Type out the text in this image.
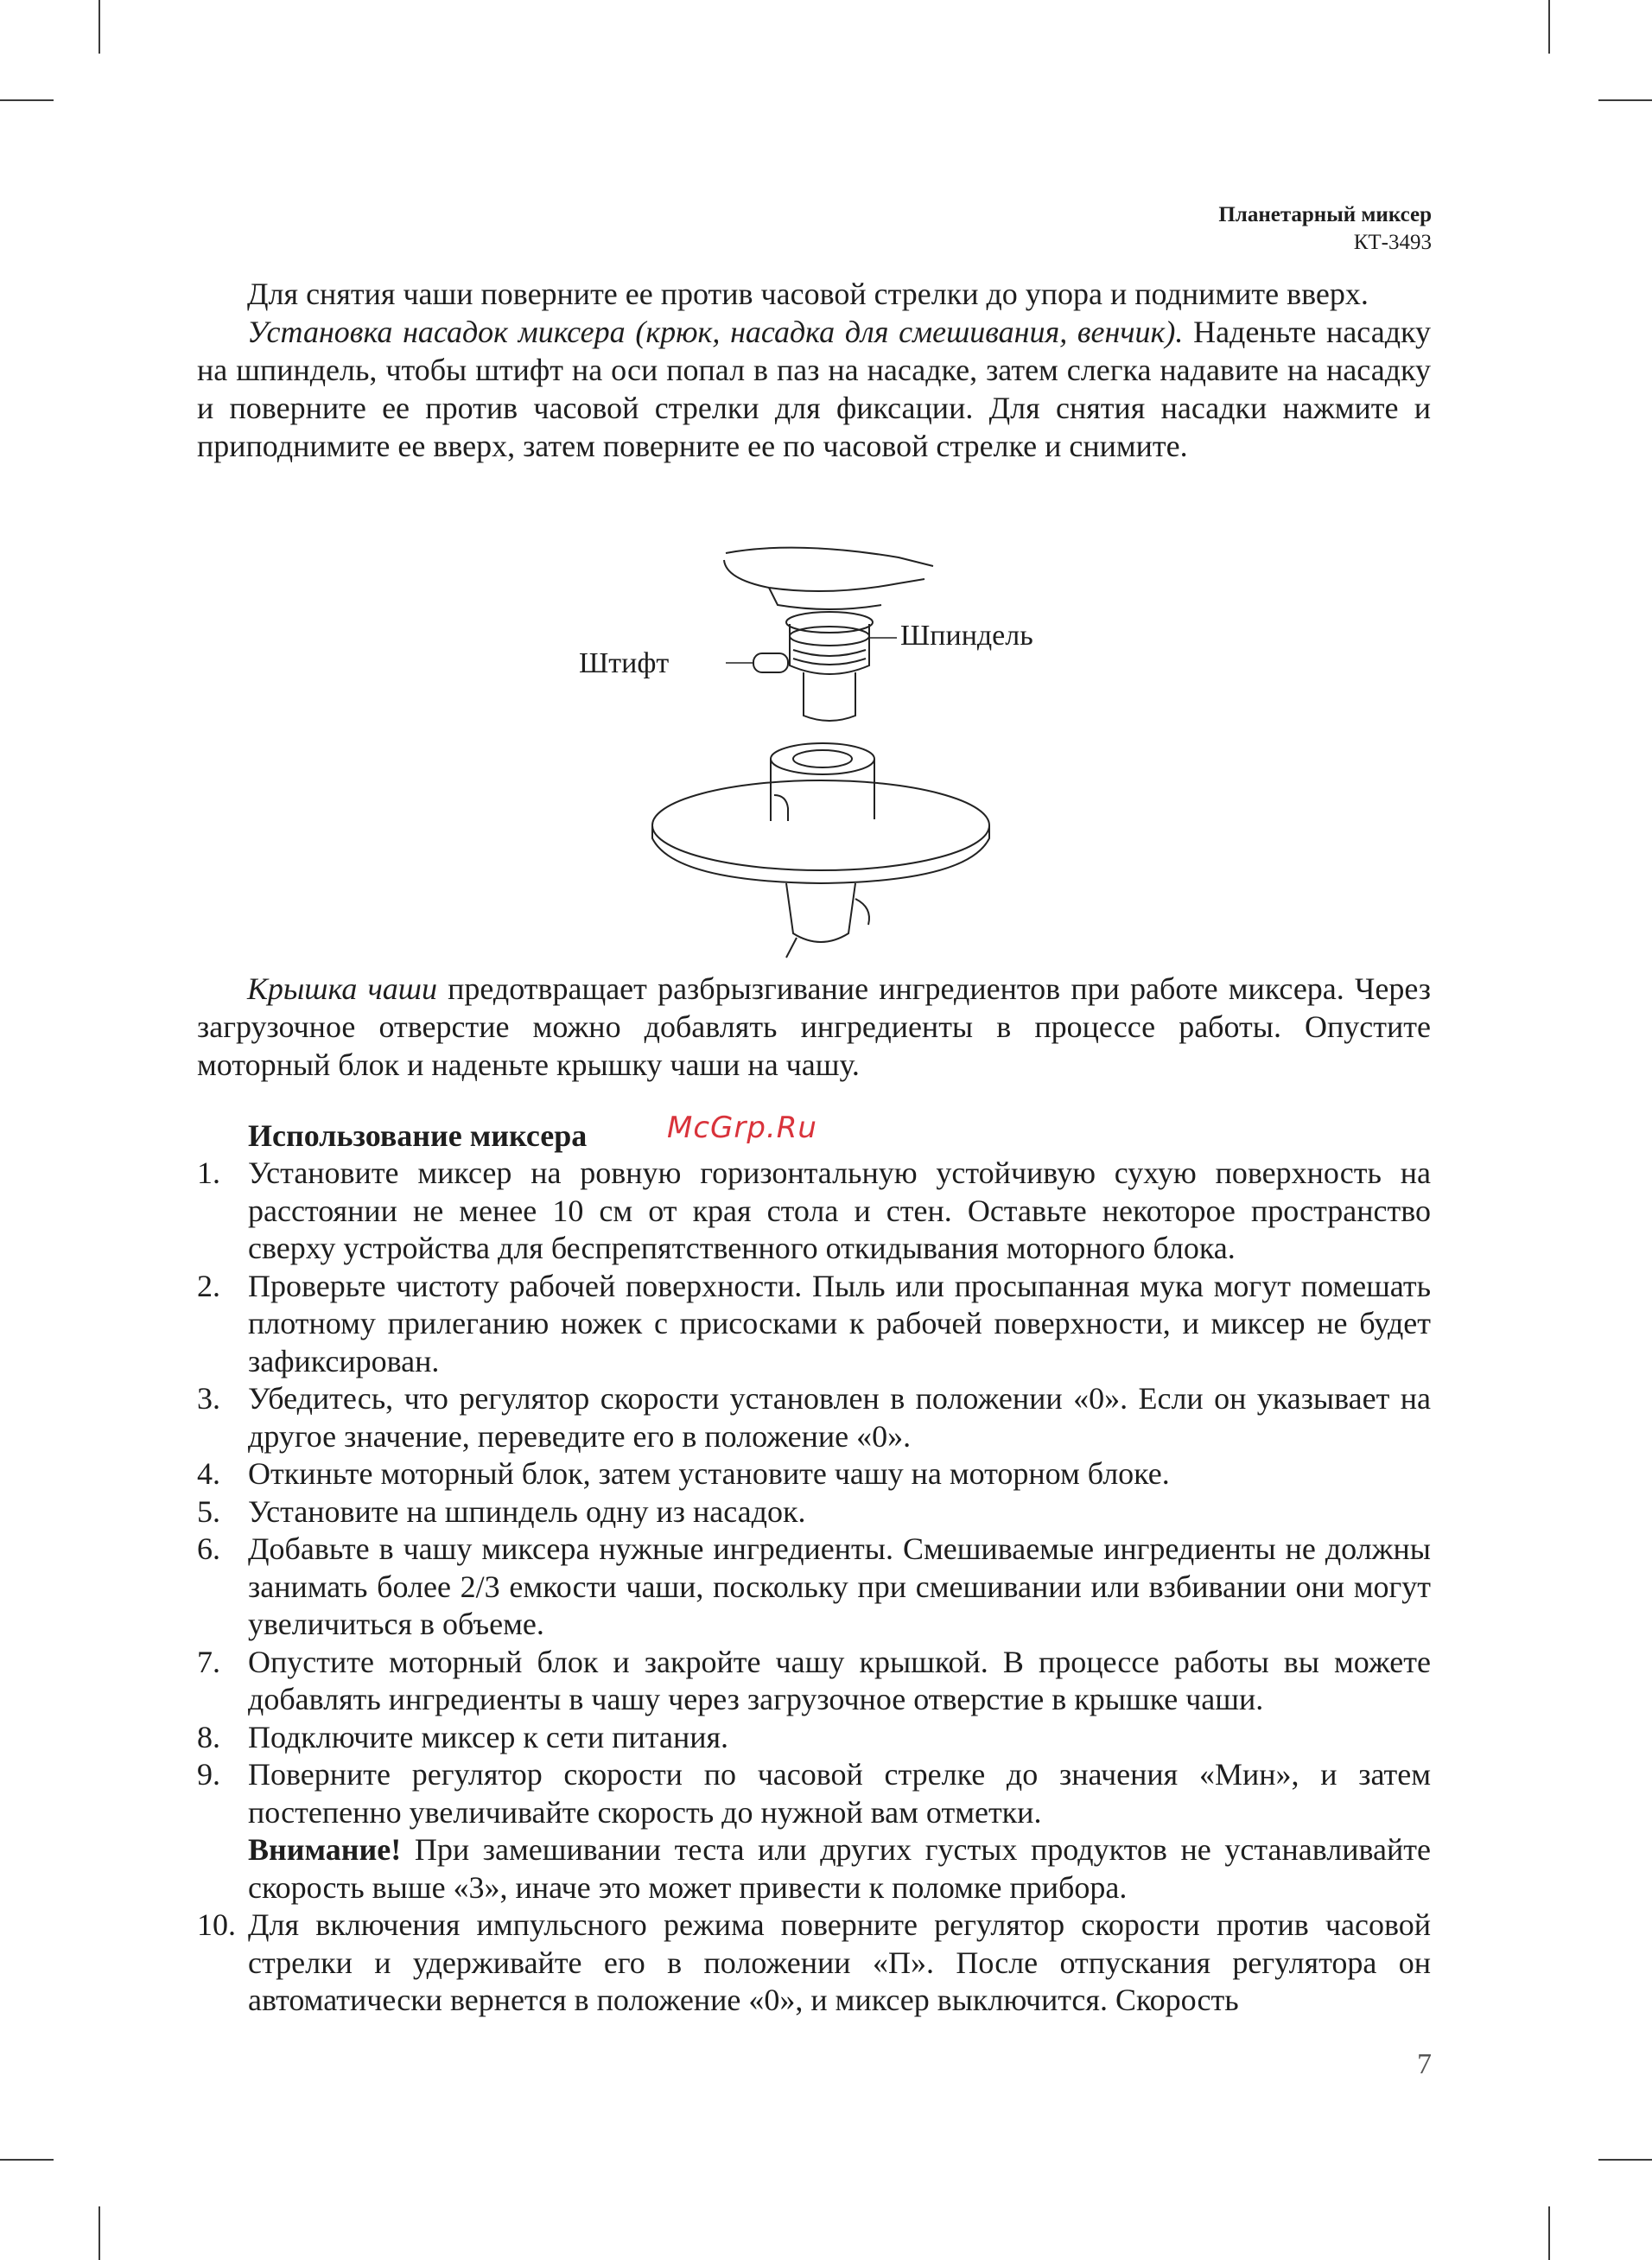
Планетарный миксер
КТ-3493

Для снятия чаши поверните ее против часовой стрелки до упора и поднимите вверх.

Установка насадок миксера (крюк, насадка для смешивания, венчик). Наденьте насадку на шпиндель, чтобы штифт на оси попал в паз на насадке, затем слегка надавите на насадку и поверните ее против часовой стрелки для фиксации. Для снятия насадки нажмите и приподнимите ее вверх, затем поверните ее по часовой стрелке и снимите.

Шпиндель
Штифт

Крышка чаши предотвращает разбрызгивание ингредиентов при работе миксера. Через загрузочное отверстие можно добавлять ингредиенты в процессе работы. Опустите моторный блок и наденьте крышку чаши на чашу.

McGrp.Ru
Использование миксера
1. Установите миксер на ровную горизонтальную устойчивую сухую поверхность на расстоянии не менее 10 см от края стола и стен. Оставьте некоторое пространство сверху устройства для беспрепятственного откидывания моторного блока.

2. Проверьте чистоту рабочей поверхности. Пыль или просыпанная мука могут помешать плотному прилеганию ножек с присосками к рабочей поверхности, и миксер не будет зафиксирован.

3. Убедитесь, что регулятор скорости установлен в положении «0». Если он указывает на другое значение, переведите его в положение «0».

4. Откиньте моторный блок, затем установите чашу на моторном блоке.

5. Установите на шпиндель одну из насадок.

6. Добавьте в чашу миксера нужные ингредиенты. Смешиваемые ингредиенты не должны занимать более 2/3 емкости чаши, поскольку при смешивании или взбивании они могут увеличиться в объеме.

7. Опустите моторный блок и закройте чашу крышкой. В процессе работы вы можете добавлять ингредиенты в чашу через загрузочное отверстие в крышке чаши.

8. Подключите миксер к сети питания.

9. Поверните регулятор скорости по часовой стрелке до значения «Мин», и затем постепенно увеличивайте скорость до нужной вам отметки.

Внимание! При замешивании теста или других густых продуктов не устанавливайте скорость выше «3», иначе это может привести к поломке прибора.

10. Для включения импульсного режима поверните регулятор скорости против часовой стрелки и удерживайте его в положении «П». После отпускания регулятора он автоматически вернется в положение «0», и миксер выключится. Скорость

7
